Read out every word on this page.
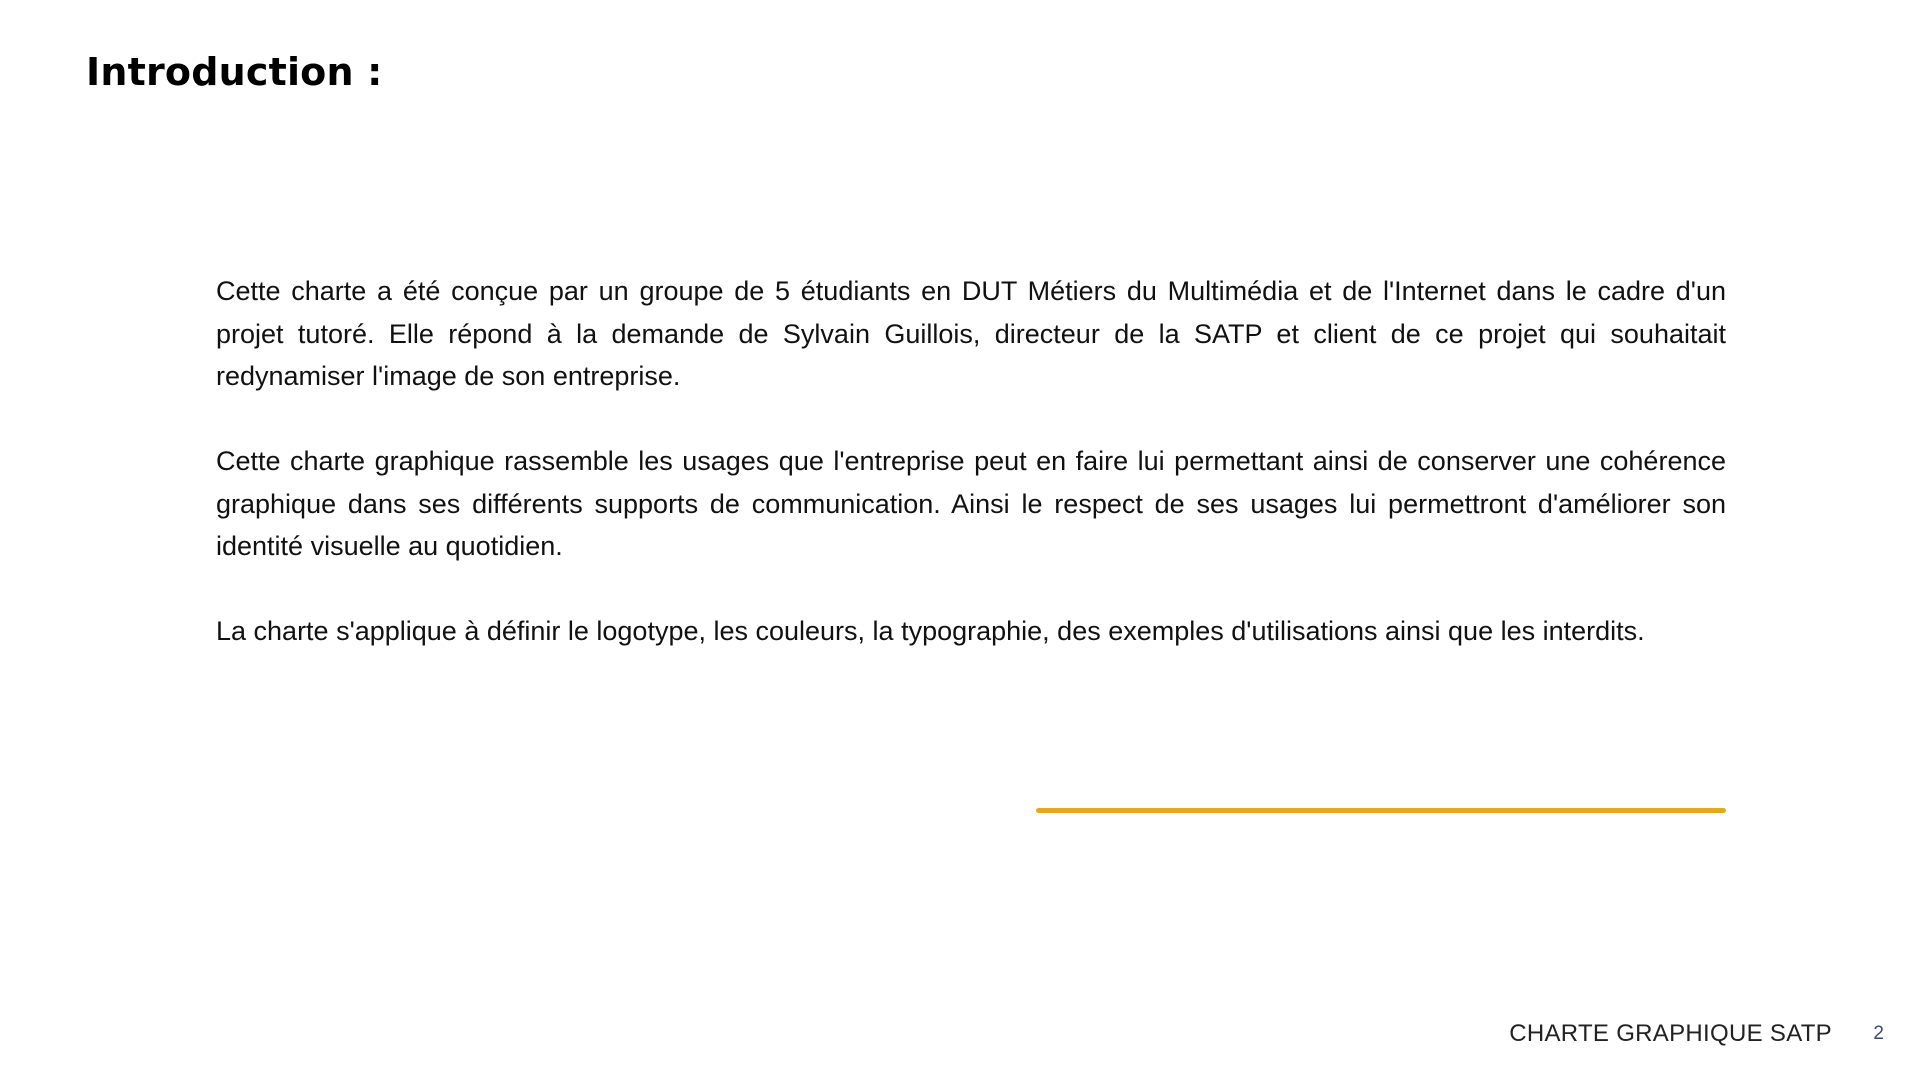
Introduction :

Cette charte a été conçue par un groupe de 5 étudiants en DUT Métiers du Multimédia et de l'Internet dans le cadre d'un projet tutoré. Elle répond à la demande de Sylvain Guillois, directeur de la SATP et client de ce projet qui souhaitait redynamiser l'image de son entreprise.

Cette charte graphique rassemble les usages que l'entreprise peut en faire lui permettant ainsi de conserver une cohérence graphique dans ses différents supports de communication. Ainsi le respect de ses usages lui permettront d'améliorer son identité visuelle au quotidien.

La charte s'applique à définir le logotype, les couleurs, la typographie, des exemples d'utilisations ainsi que les interdits.

CHARTE GRAPHIQUE SATP 2
